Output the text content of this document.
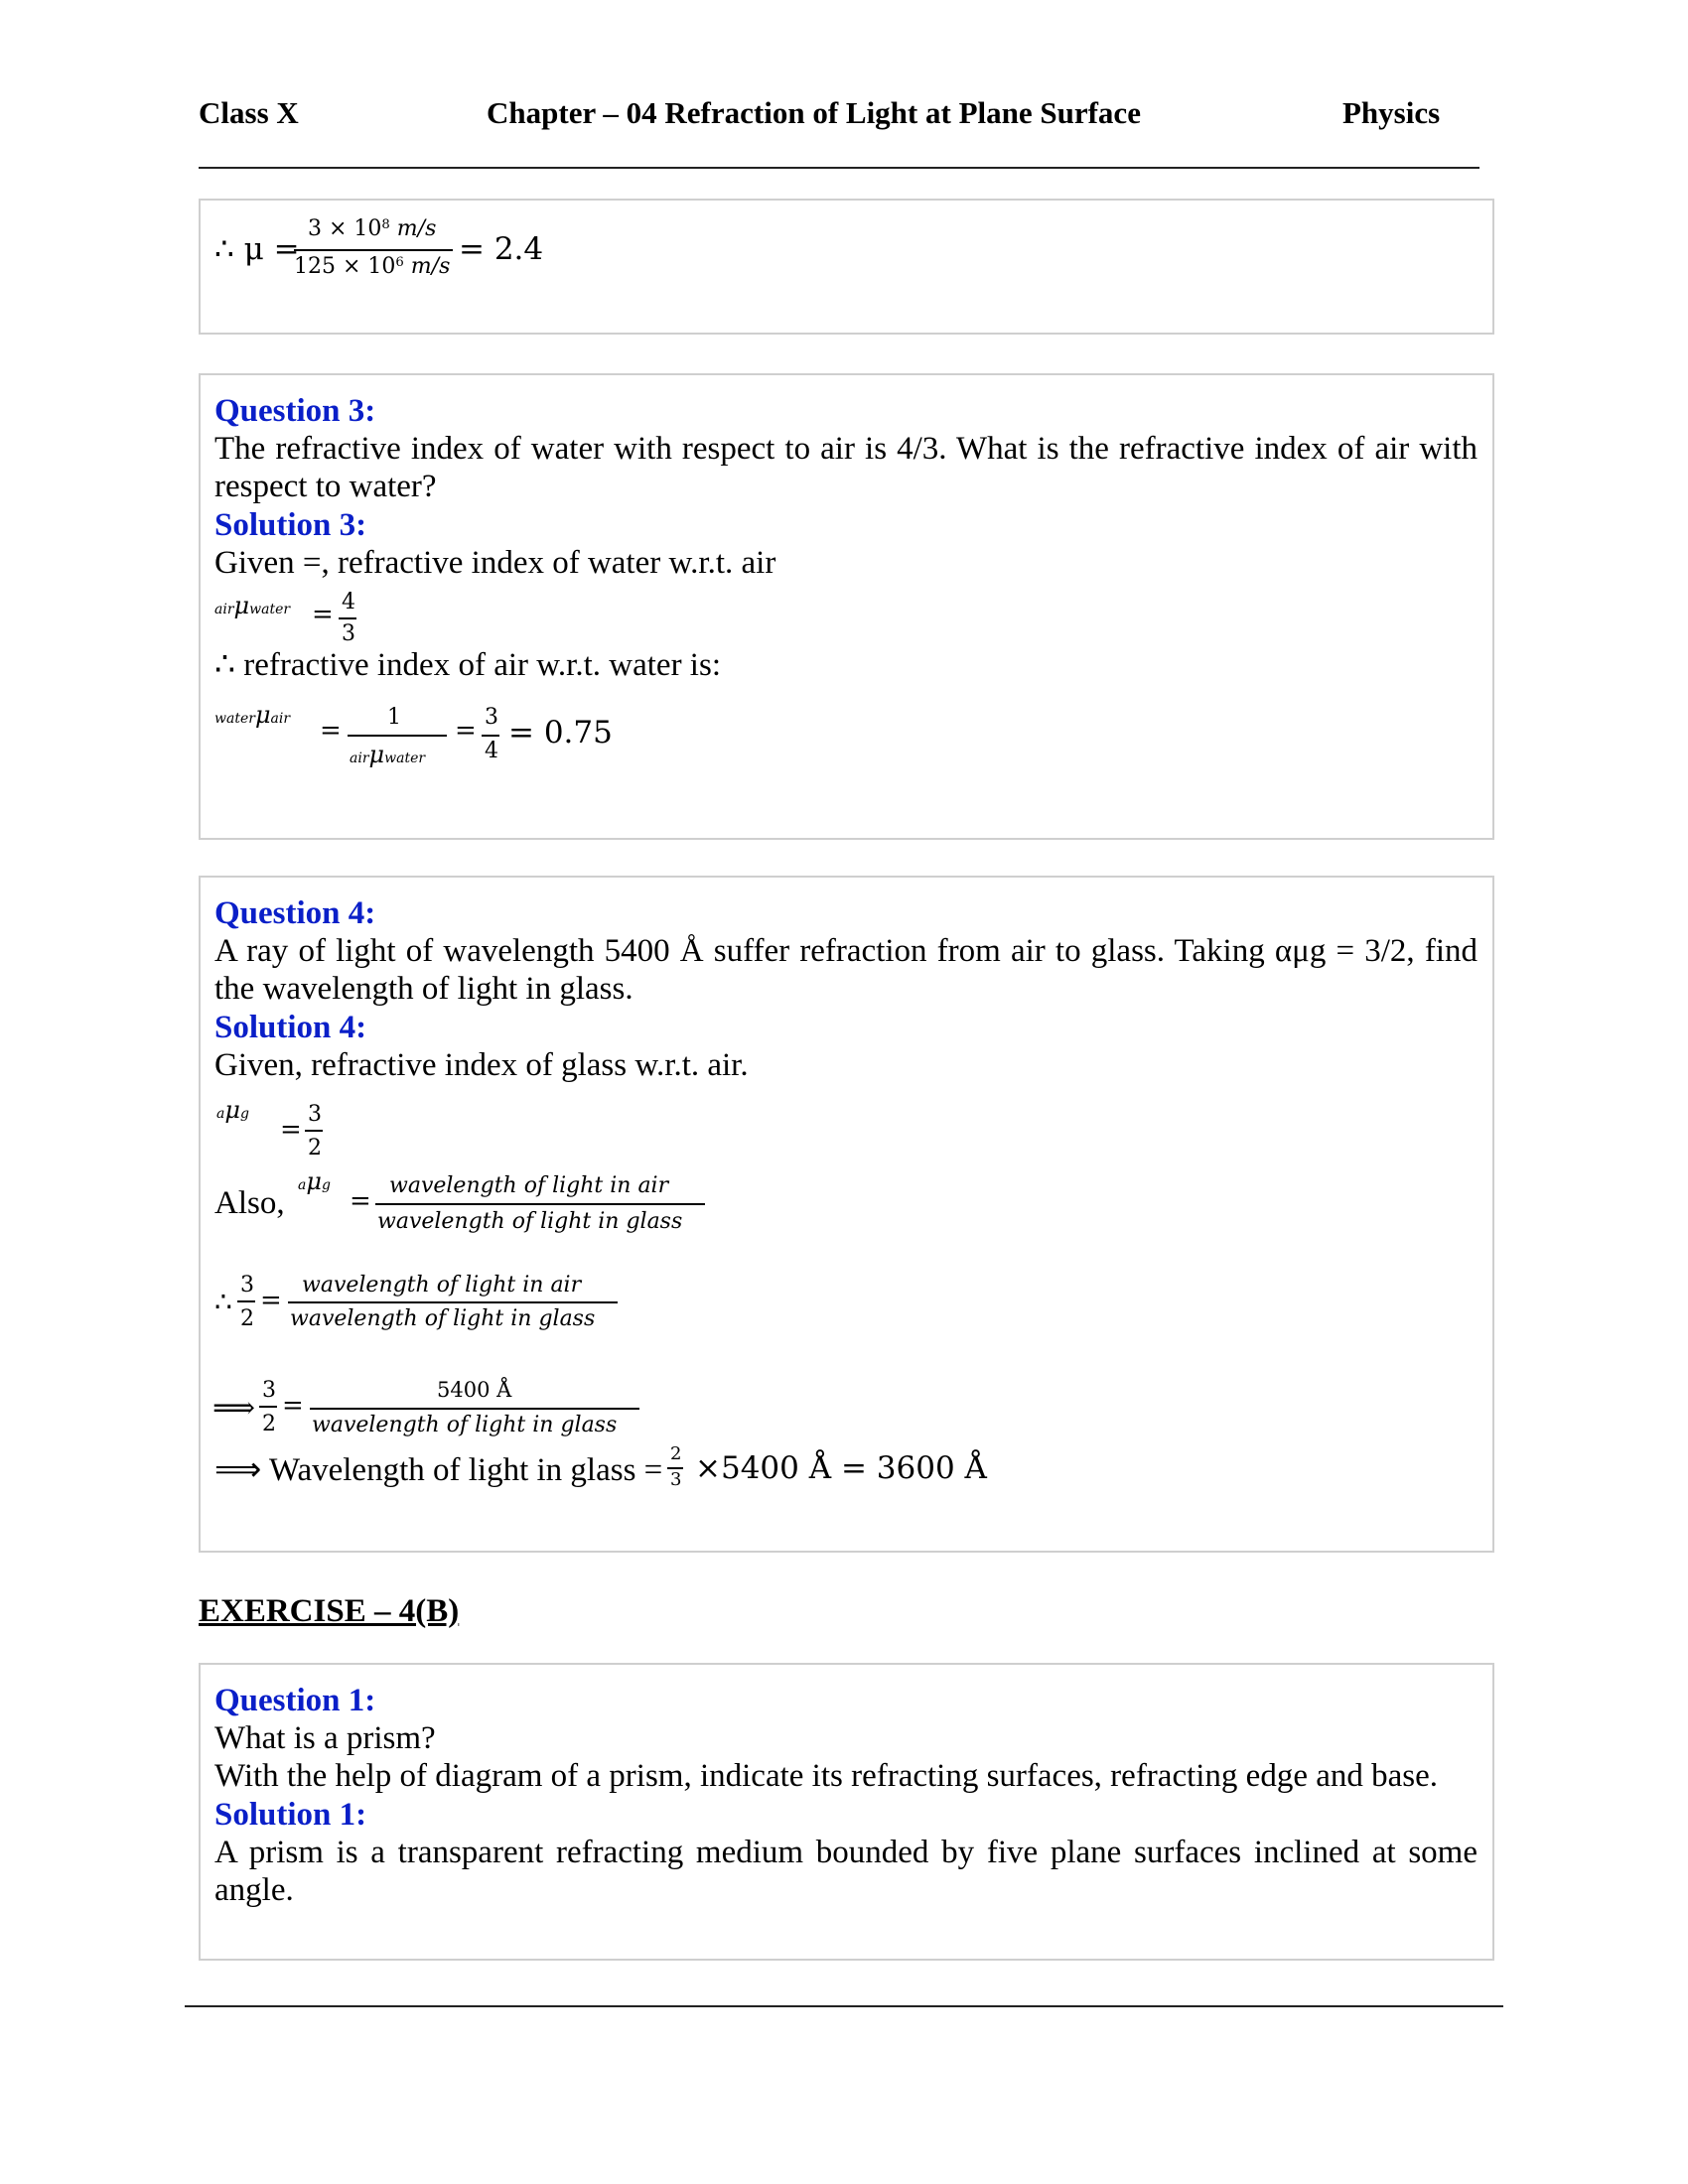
Class X	Chapter – 04 Refraction of Light at Plane Surface	Physics
∴ μ =
$3 \times 10^8$ m/s
$125 \times 10^6$ m/s = 2.4
Question 3:
The refractive index of water with respect to air is 4/3. What is the refractive index of air with
respect to water?
Solution 3:
Given =, refractive index of water w.r.t. air
airμwater = 4
3
∴ refractive index of air w.r.t. water is:
waterμair = 1
airμwater
= 3
4
= 0.75
Question 4:
A ray of light of wavelength 5400 Å suffer refraction from air to glass. Taking αμg = 3/2, find
the wavelength of light in glass.
Solution 4:
Given, refractive index of glass w.r.t. air.
aμg
=
3
2
Also, aμg
=
wavelength of light in air
wavelength of light in glass
∴
3
2
=
wavelength of light in air
wavelength of light in glass
⟹
3
2
=
5400 Å
wavelength of light in glass
⟹ Wavelength of light in glass = 2
3 ×5400 Å = 3600 Å
EXERCISE – 4(B)
Question 1:
What is a prism?
With the help of diagram of a prism, indicate its refracting surfaces, refracting edge and base.
Solution 1:
A prism is a transparent refracting medium bounded by five plane surfaces inclined at some
angle.
